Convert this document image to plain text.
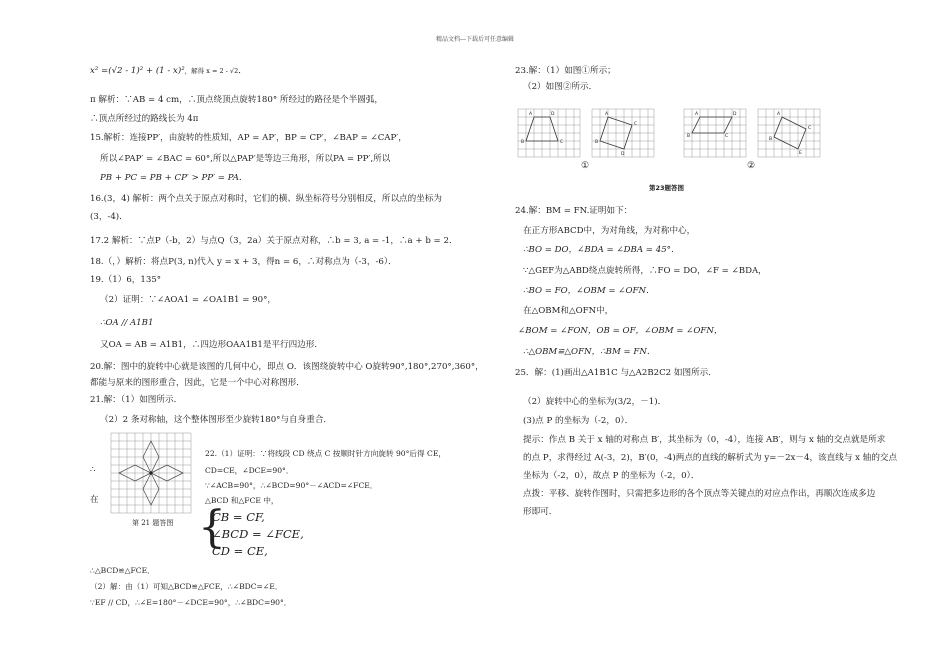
精品文档---下载后可任意编辑
x² =(√2 - 1)² + (1 - x)²，解得 x = 2 - √2．
π 解析：∵AB = 4 cm，∴顶点绕顶点旋转180° 所经过的路径是个半圆弧，
∴顶点所经过的路线长为 4π
15.解析：连接PP′，由旋转的性质知，AP = AP′，BP = CP′，∠BAP = ∠CAP′，
所以∠PAP′ = ∠BAC = 60°,所以△PAP′是等边三角形，所以PA = PP′,所以
PB + PC = PB + CP′ > PP′ = PA．
16.(3，4) 解析：两个点关于原点对称时，它们的横、纵坐标符号分别相反，所以点的坐标为
(3，-4)．
17.2 解析：∵点P（-b，2）与点Q（3，2a）关于原点对称，∴b = 3, a = -1，∴a + b = 2．
18.（，）解析：将点P(3, n)代入 y = x + 3，得n = 6，∴对称点为（-3，-6）．
19.（1）6，135°
（2）证明：∵∠AOA1 = ∠OA1B1 = 90°，
∴OA // A1B1
又OA = AB = A1B1，∴四边形OAA1B1是平行四边形．
20.解：图中的旋转中心就是该图的几何中心，即点 O．该图绕旋转中心 O旋转90°,180°,270°,360°，
都能与原来的图形重合，因此，它是一个中心对称图形．
21.解：（1）如图所示．
（2）2 条对称轴，这个整体图形至少旋转180°与自身重合．
第 21 题答图
∴
在
22.（1）证明：∵将线段 CD 绕点 C 按顺时针方向旋转 90°后得 CE，
CD=CE，∠DCE=90°．
∵∠ACB=90°，∴∠BCD=90°－∠ACD=∠FCE．
△BCD 和△FCE 中，
{
CB = CF,
∠BCD = ∠FCE,
CD = CE,
∴△BCD≌△FCE．
（2）解：由（1）可知△BCD≌△FCE，∴∠BDC=∠E．
∵EF // CD，∴∠E=180°－∠DCE=90°，∴∠BDC=90°．
23.解：（1）如图①所示；
（2）如图②所示．
A	D
B	C
A
C
B
D
①
A	D
B	C
A
C
B
E
②
第23题答图
24.解：BM = FN.证明如下：
在正方形ABCD中，为对角线，为对称中心，
∴BO = DO，∠BDA = ∠DBA = 45°．
∵△GEF为△ABD绕点旋转所得，∴FO = DO，∠F = ∠BDA，
∴BO = FO，∠OBM = ∠OFN．
在△OBM和△OFN中，
∠BOM = ∠FON，OB = OF，∠OBM = ∠OFN，
∴△OBM≌△OFN，∴BM = FN．
25．解：(1)画出△A1B1C 与△A2B2C2 如图所示．
（2）旋转中心的坐标为(3/2，－1)．
(3)点 P 的坐标为（-2，0）．
提示：作点 B 关于 x 轴的对称点 B′，其坐标为（0，-4），连接 AB′，则与 x 轴的交点就是所求
的点 P，求得经过 A(-3，2)，B′(0，-4)两点的直线的解析式为 y=－2x－4，该直线与 x 轴的交点
坐标为（-2，0），故点 P 的坐标为（-2，0）．
点拨：平移、旋转作图时，只需把多边形的各个顶点等关键点的对应点作出，再顺次连成多边
形即可．
